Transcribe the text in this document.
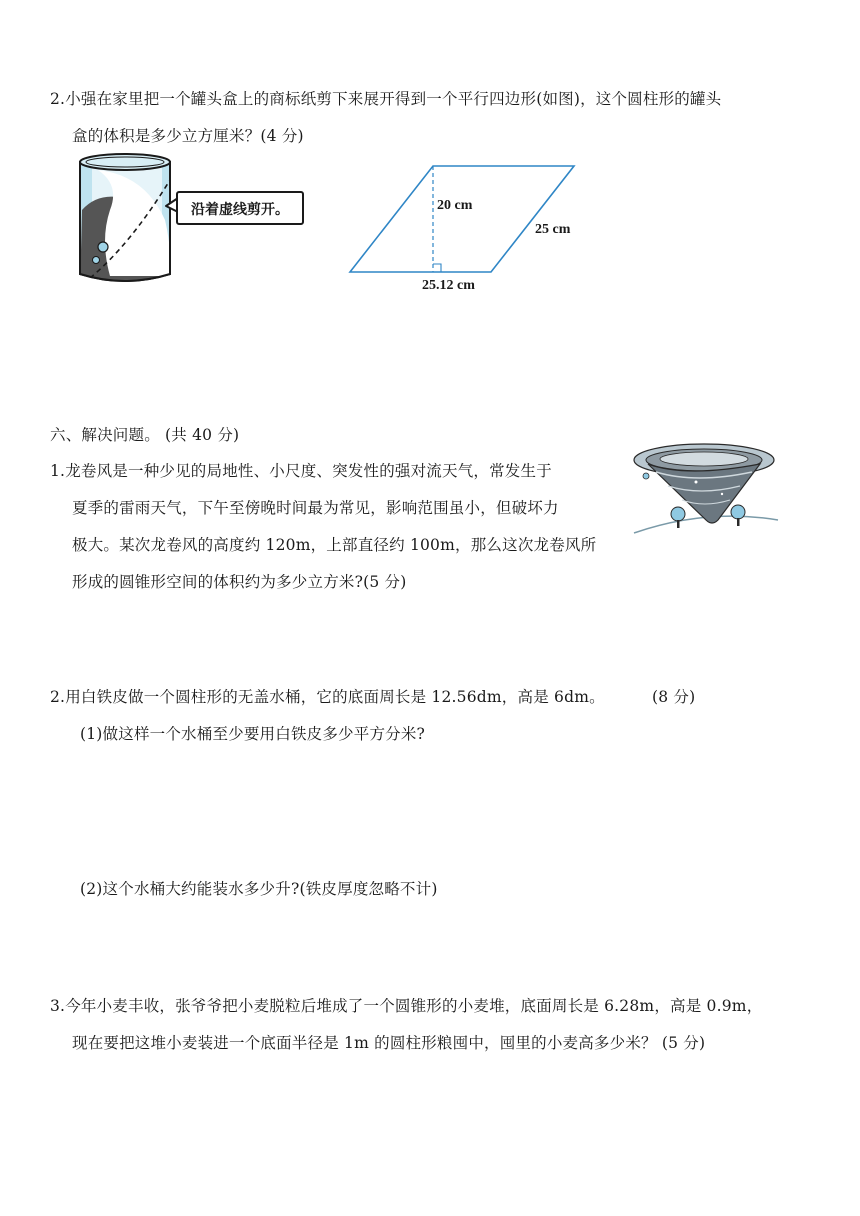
2.小强在家里把一个罐头盒上的商标纸剪下来展开得到一个平行四边形(如图)，这个圆柱形的罐头
盒的体积是多少立方厘米？(4 分)
沿着虚线剪开。	20 cm
25 cm
25.12 cm
六、解决问题。 (共 40 分)
1.龙卷风是一种少见的局地性、小尺度、突发性的强对流天气，常发生于
夏季的雷雨天气，下午至傍晚时间最为常见，影响范围虽小，但破坏力
极大。某次龙卷风的高度约 120m，上部直径约 100m，那么这次龙卷风所
形成的圆锥形空间的体积约为多少立方米?(5 分)
2.用白铁皮做一个圆柱形的无盖水桶，它的底面周长是 12.56dm，高是 6dm。	(8 分)
(1)做这样一个水桶至少要用白铁皮多少平方分米?
(2)这个水桶大约能装水多少升?(铁皮厚度忽略不计)
3.今年小麦丰收，张爷爷把小麦脱粒后堆成了一个圆锥形的小麦堆，底面周长是 6.28m，高是 0.9m，
现在要把这堆小麦装进一个底面半径是 1m 的圆柱形粮囤中，囤里的小麦高多少米？ (5 分)
